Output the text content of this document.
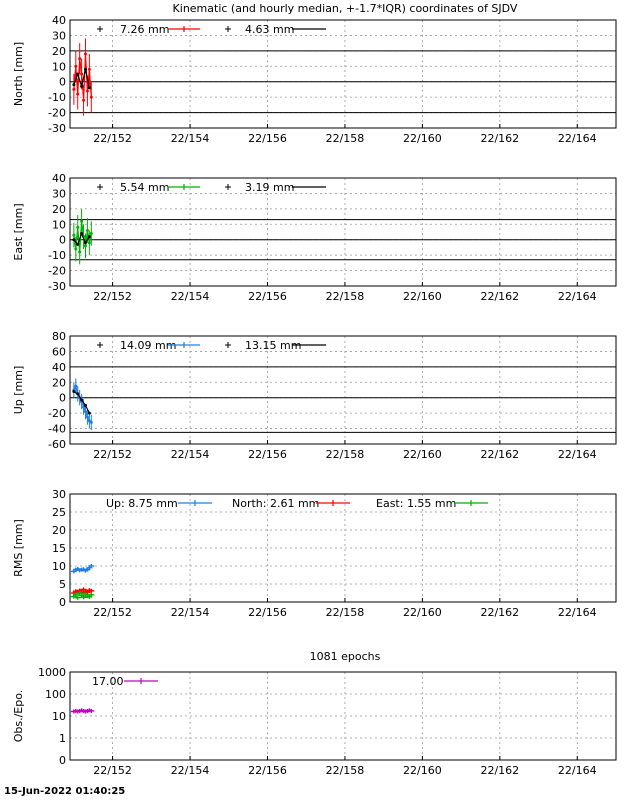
Kinematic (and hourly median, +-1.7*IQR) coordinates of SJDV
22/152	22/154	22/156	22/158	22/160	22/162	22/164
-30
-20
-10
0
10
20
30
40
North [mm]
7.26 mm	4.63 mm
22/152	22/154	22/156	22/158	22/160	22/162	22/164
-30
-20
-10
0
10
20
30
40
East [mm]
5.54 mm	3.19 mm
22/152	22/154	22/156	22/158	22/160	22/162	22/164
-60
-40
-20
0
20
40
60
80
Up [mm]
14.09 mm	13.15 mm
22/152	22/154	22/156	22/158	22/160	22/162	22/164
0
5
10
15
20
25
30
RMS [mm]
Up: 8.75 mm	North: 2.61 mm	East: 1.55 mm
22/152	22/154	22/156	22/158	22/160	22/162	22/164
0
1
10
100
1000
Obs./Epo.
1081 epochs
17.00
15-Jun-2022 01:40:25
